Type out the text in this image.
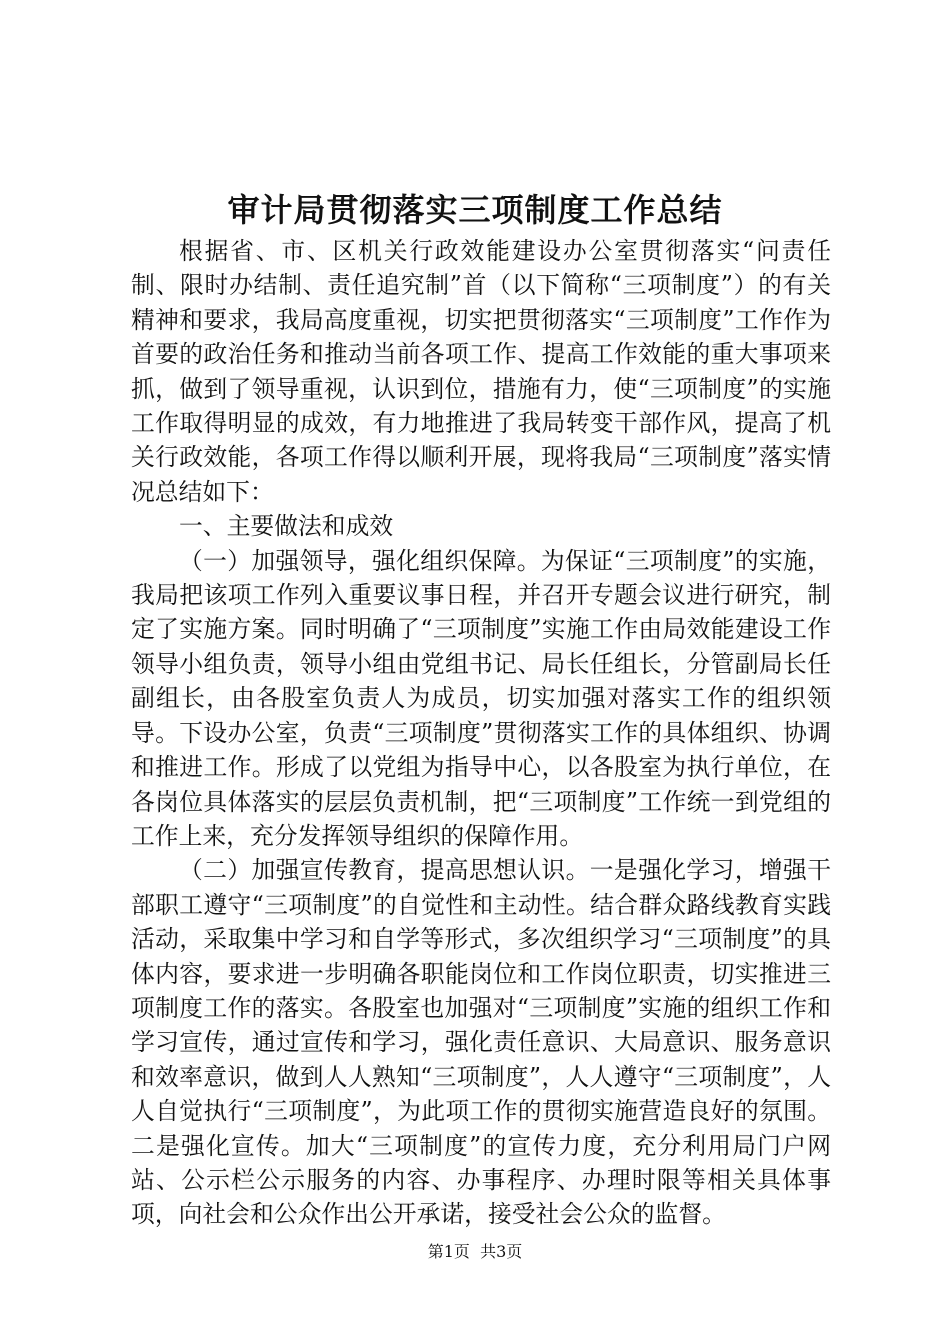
审计局贯彻落实三项制度工作总结

根据省、市、区机关行政效能建设办公室贯彻落实“问责任制、限时办结制、责任追究制”首（以下简称“三项制度”）的有关精神和要求，我局高度重视，切实把贯彻落实“三项制度”工作作为首要的政治任务和推动当前各项工作、提高工作效能的重大事项来抓，做到了领导重视，认识到位，措施有力，使“三项制度”的实施工作取得明显的成效，有力地推进了我局转变干部作风，提高了机关行政效能，各项工作得以顺利开展，现将我局“三项制度”落实情况总结如下：

一、主要做法和成效

（一）加强领导，强化组织保障。为保证“三项制度”的实施，我局把该项工作列入重要议事日程，并召开专题会议进行研究，制定了实施方案。同时明确了“三项制度”实施工作由局效能建设工作领导小组负责，领导小组由党组书记、局长任组长，分管副局长任副组长，由各股室负责人为成员，切实加强对落实工作的组织领导。下设办公室，负责“三项制度”贯彻落实工作的具体组织、协调和推进工作。形成了以党组为指导中心，以各股室为执行单位，在各岗位具体落实的层层负责机制，把“三项制度”工作统一到党组的工作上来，充分发挥领导组织的保障作用。

（二）加强宣传教育，提高思想认识。一是强化学习，增强干部职工遵守“三项制度”的自觉性和主动性。结合群众路线教育实践活动，采取集中学习和自学等形式，多次组织学习“三项制度”的具体内容，要求进一步明确各职能岗位和工作岗位职责，切实推进三项制度工作的落实。各股室也加强对“三项制度”实施的组织工作和学习宣传，通过宣传和学习，强化责任意识、大局意识、服务意识和效率意识，做到人人熟知“三项制度”，人人遵守“三项制度”，人人自觉执行“三项制度”，为此项工作的贯彻实施营造良好的氛围。二是强化宣传。加大“三项制度”的宣传力度，充分利用局门户网站、公示栏公示服务的内容、办事程序、办理时限等相关具体事项，向社会和公众作出公开承诺，接受社会公众的监督。

第1页  共3页
